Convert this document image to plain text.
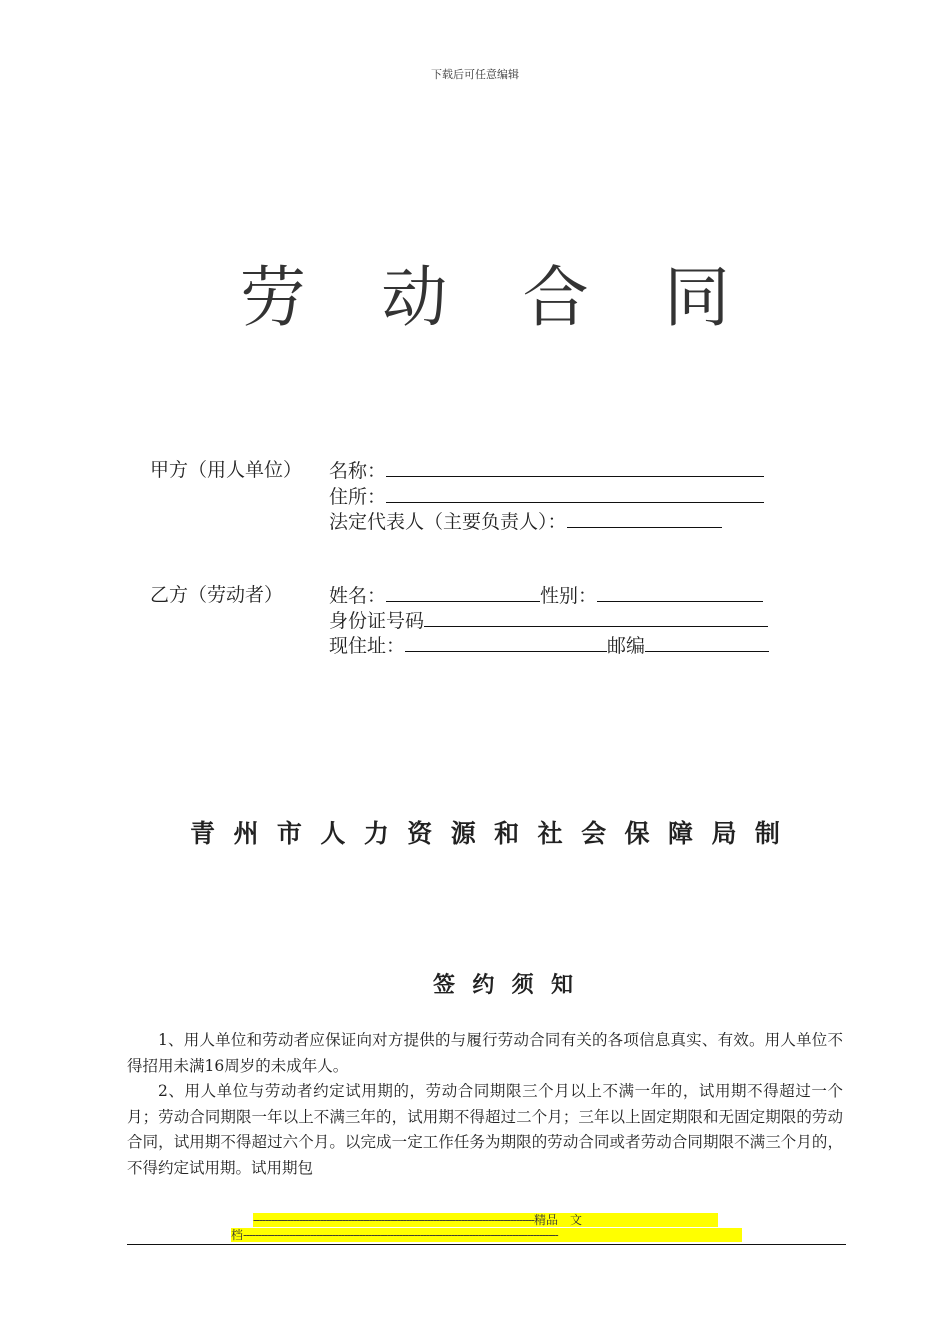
下载后可任意编辑
劳 动 合 同
甲方（用人单位） 名称：
住所：
法定代表人（主要负责人）：
乙方（劳动者） 姓名：	性别：
身份证号码
现住址：	邮编
青 州 市 人 力 资 源 和 社 会 保 障 局 制
签 约 须 知

1、用人单位和劳动者应保证向对方提供的与履行劳动合同有关的各项信息真实、有效。用人单位不得招用未满16周岁的未成年人。

2、用人单位与劳动者约定试用期的，劳动合同期限三个月以上不满一年的，试用期不得超过一个月；劳动合同期限一年以上不满三年的，试用期不得超过二个月；三年以上固定期限和无固定期限的劳动合同，试用期不得超过六个月。以完成一定工作任务为期限的劳动合同或者劳动合同期限不满三个月的，不得约定试用期。试用期包

--------------------------------------------------------------------------------------------精品　文
档-------------------------------------------------------------------------------------------------------
